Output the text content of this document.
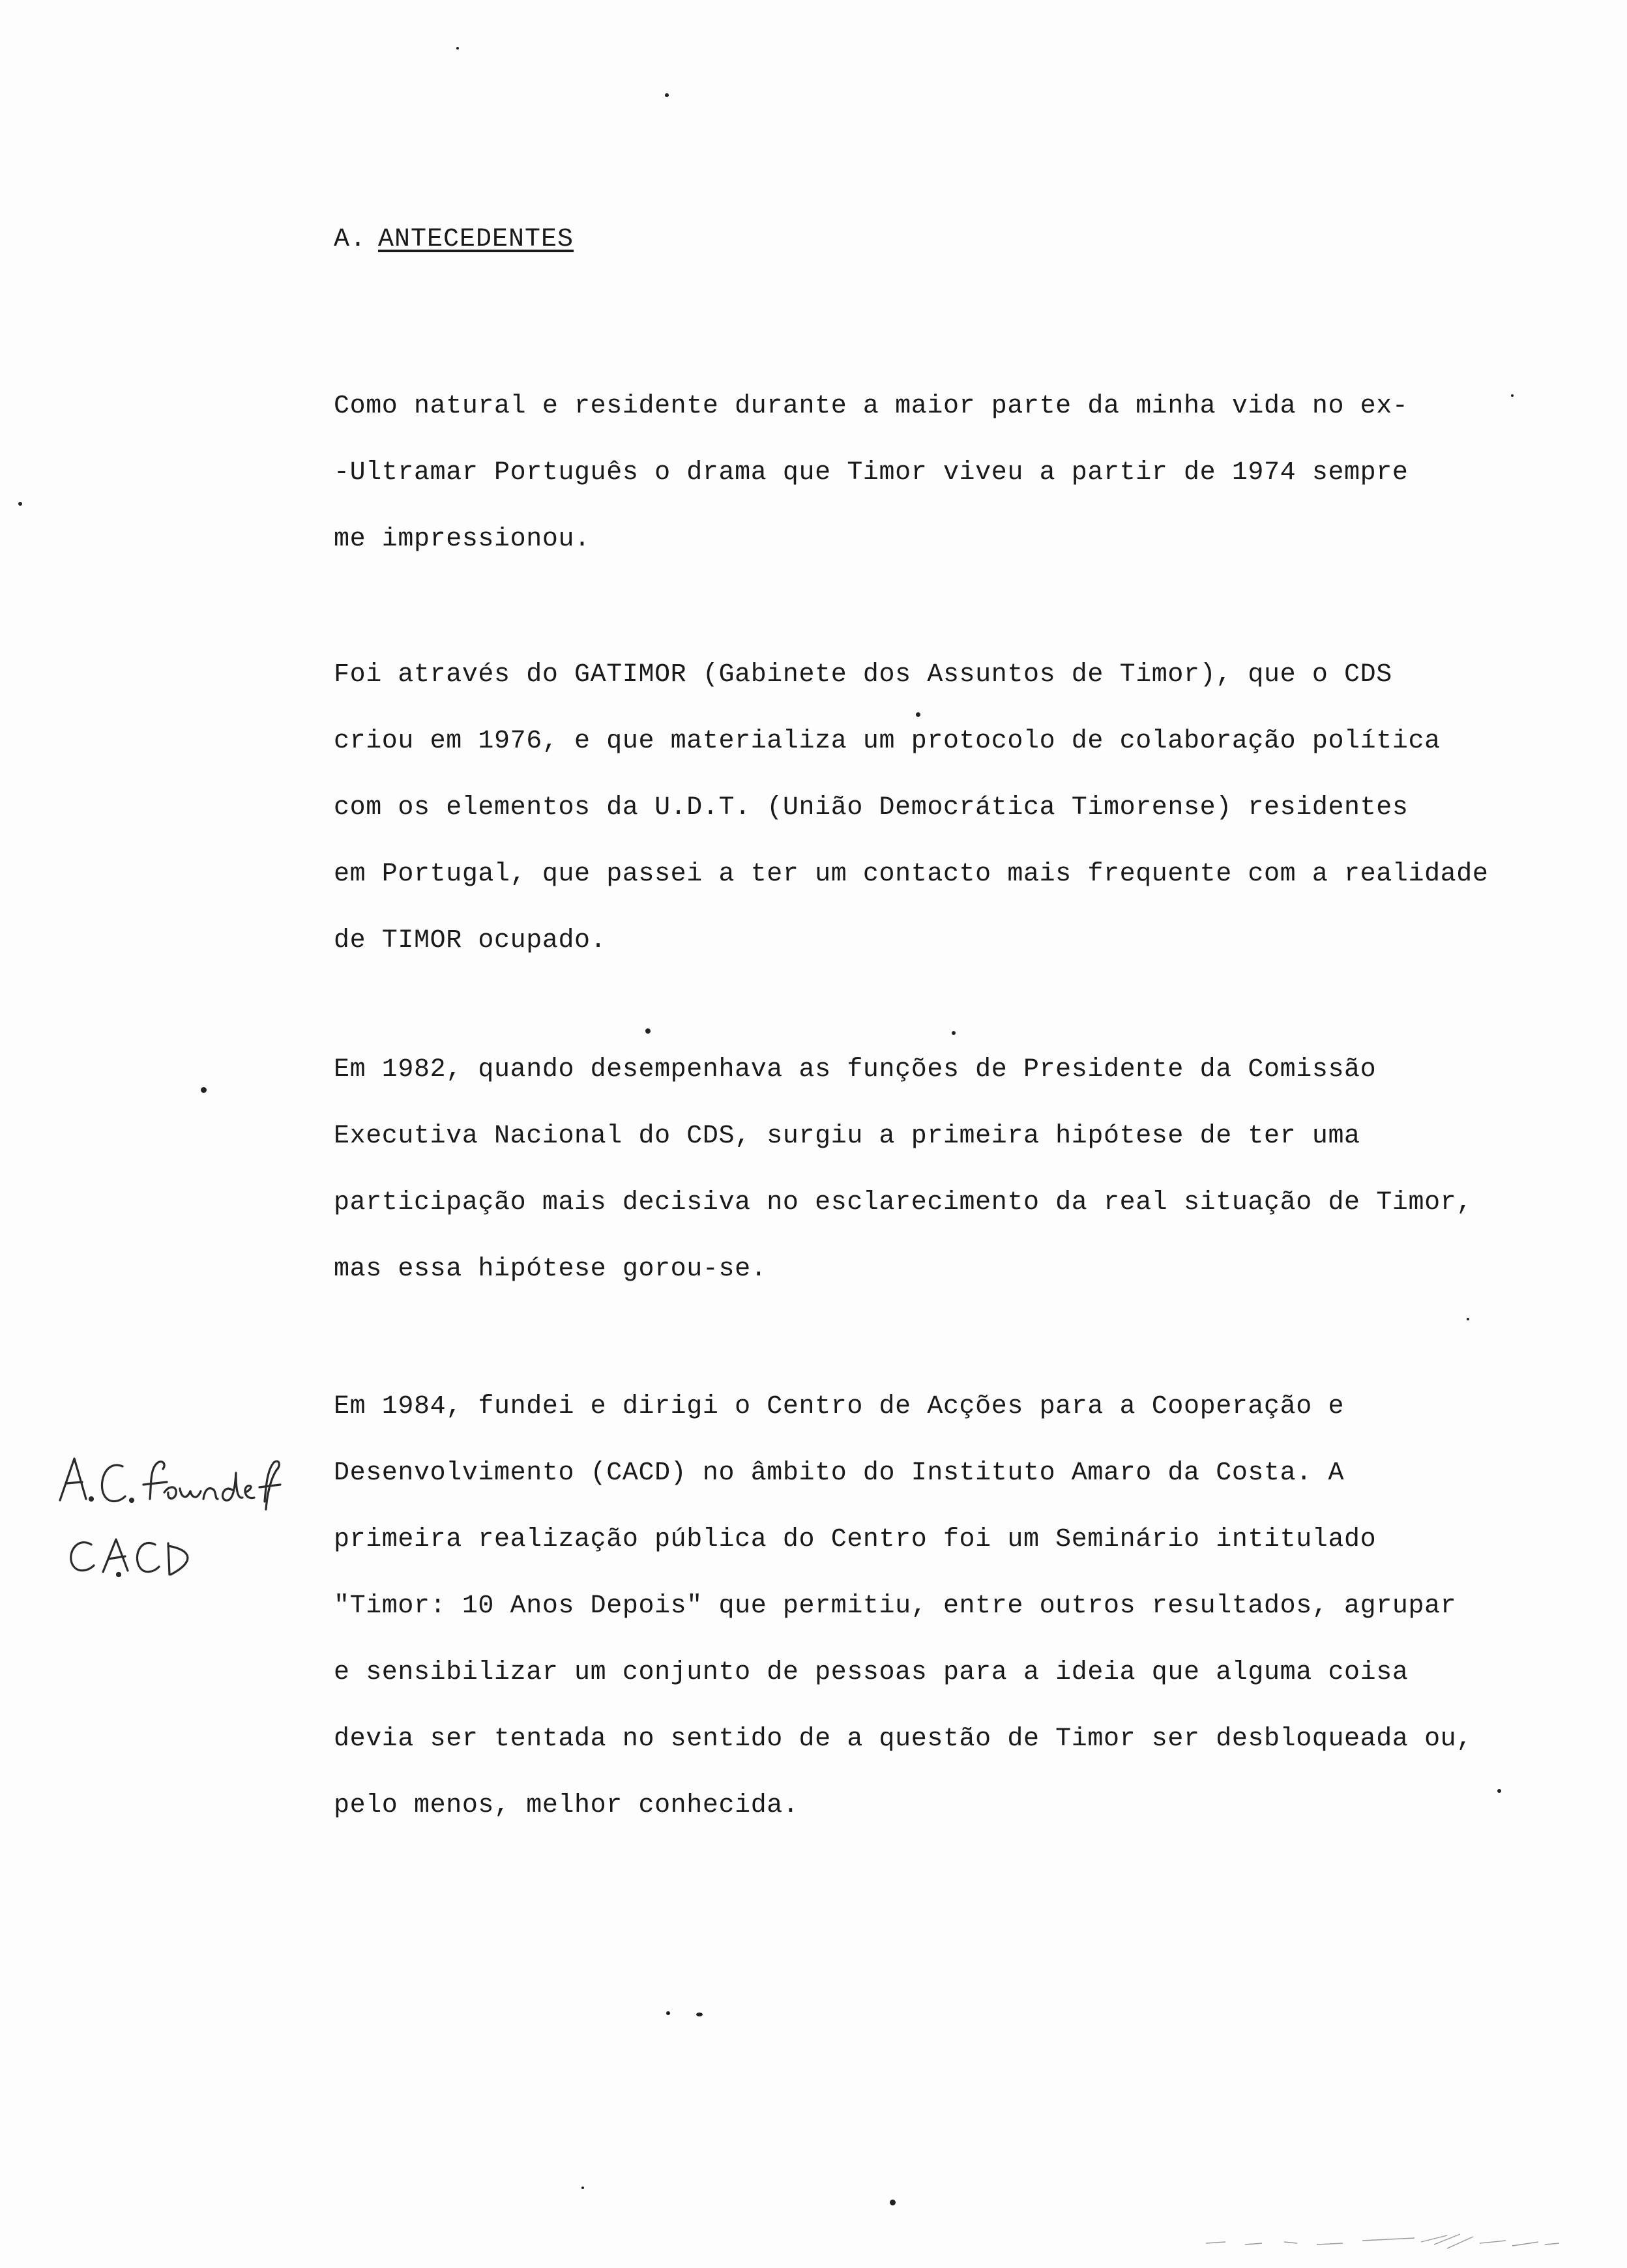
A. ANTECEDENTES
Como natural e residente durante a maior parte da minha vida no ex-
-Ultramar Português o drama que Timor viveu a partir de 1974 sempre
me impressionou.
Foi através do GATIMOR (Gabinete dos Assuntos de Timor), que o CDS
criou em 1976, e que materializa um protocolo de colaboração política
com os elementos da U.D.T. (União Democrática Timorense) residentes
em Portugal, que passei a ter um contacto mais frequente com a realidade
de TIMOR ocupado.
Em 1982, quando desempenhava as funções de Presidente da Comissão
Executiva Nacional do CDS, surgiu a primeira hipótese de ter uma
participação mais decisiva no esclarecimento da real situação de Timor,
mas essa hipótese gorou-se.
Em 1984, fundei e dirigi o Centro de Acções para a Cooperação e
Desenvolvimento (CACD) no âmbito do Instituto Amaro da Costa. A
primeira realização pública do Centro foi um Seminário intitulado
"Timor: 10 Anos Depois" que permitiu, entre outros resultados, agrupar
e sensibilizar um conjunto de pessoas para a ideia que alguma coisa
devia ser tentada no sentido de a questão de Timor ser desbloqueada ou,
pelo menos, melhor conhecida.
